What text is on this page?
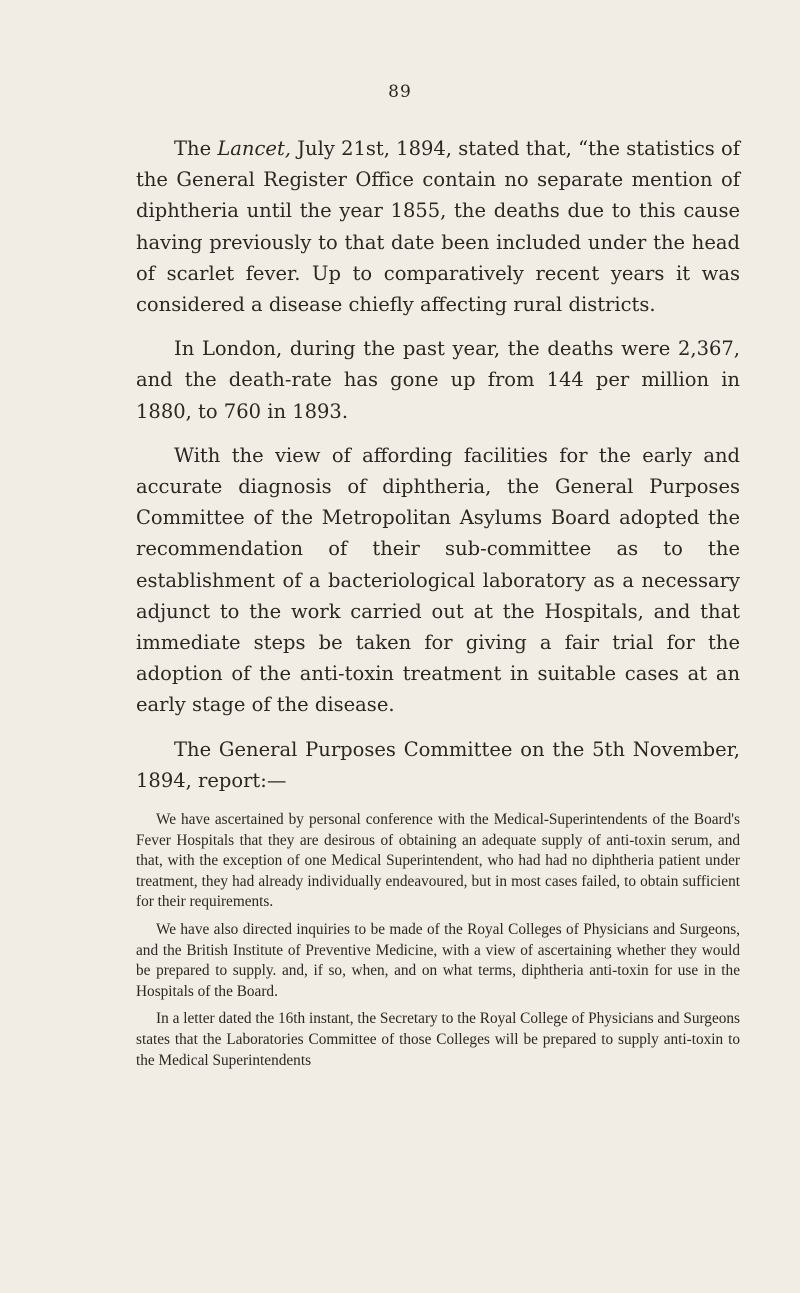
89

The Lancet, July 21st, 1894, stated that, “the statistics of the General Register Office contain no separate mention of diphtheria until the year 1855, the deaths due to this cause having previously to that date been included under the head of scarlet fever. Up to comparatively recent years it was considered a disease chiefly affecting rural districts.

In London, during the past year, the deaths were 2,367, and the death-rate has gone up from 144 per million in 1880, to 760 in 1893.

With the view of affording facilities for the early and accurate diagnosis of diphtheria, the General Purposes Committee of the Metropolitan Asylums Board adopted the recommendation of their sub-committee as to the establishment of a bacteriological laboratory as a necessary adjunct to the work carried out at the Hospitals, and that immediate steps be taken for giving a fair trial for the adoption of the anti-toxin treatment in suitable cases at an early stage of the disease.

The General Purposes Committee on the 5th November, 1894, report:—

We have ascertained by personal conference with the Medical-Superintendents of the Board's Fever Hospitals that they are desirous of obtaining an adequate supply of anti-toxin serum, and that, with the exception of one Medical Superintendent, who had had no diphtheria patient under treatment, they had already individually endeavoured, but in most cases failed, to obtain sufficient for their requirements.

We have also directed inquiries to be made of the Royal Colleges of Physicians and Surgeons, and the British Institute of Preventive Medicine, with a view of ascertaining whether they would be prepared to supply. and, if so, when, and on what terms, diphtheria anti-toxin for use in the Hospitals of the Board.

In a letter dated the 16th instant, the Secretary to the Royal College of Physicians and Surgeons states that the Laboratories Committee of those Colleges will be prepared to supply anti-toxin to the Medical Superintendents
